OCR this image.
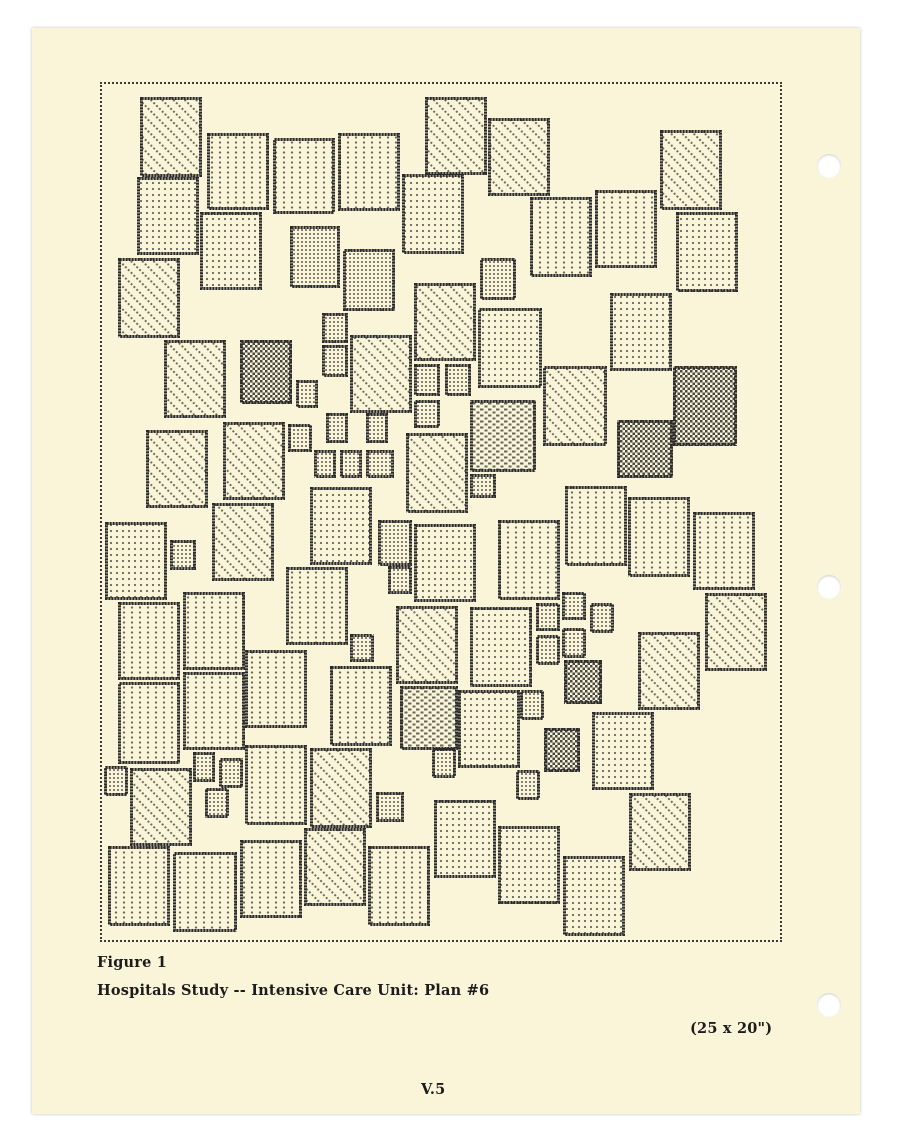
Figure 1
Hospitals Study -- Intensive Care Unit: Plan #6
(25 x 20")
V.5
